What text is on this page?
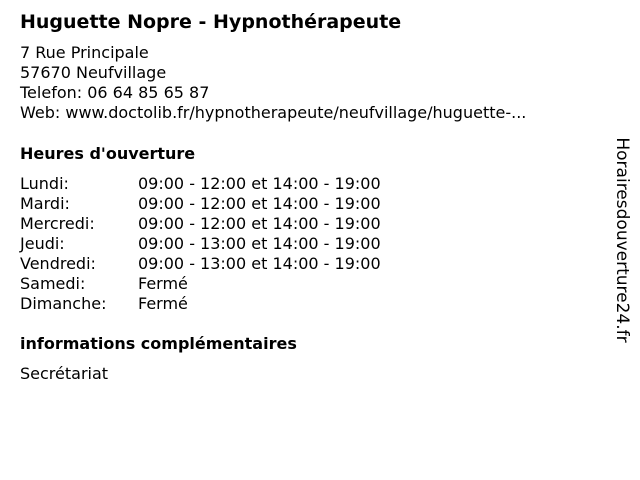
Huguette Nopre - Hypnothérapeute
7 Rue Principale
57670 Neufvillage
Telefon: 06 64 85 65 87
Web: www.doctolib.fr/hypnotherapeute/neufvillage/huguette-...
Heures d'ouverture
Lundi:	09:00 - 12:00 et 14:00 - 19:00
Mardi:	09:00 - 12:00 et 14:00 - 19:00
Mercredi:	09:00 - 12:00 et 14:00 - 19:00
Jeudi:	09:00 - 13:00 et 14:00 - 19:00
Vendredi:	09:00 - 13:00 et 14:00 - 19:00
Samedi:	Fermé
Dimanche:	Fermé
informations complémentaires
Secrétariat
Horairesdouverture24.fr
